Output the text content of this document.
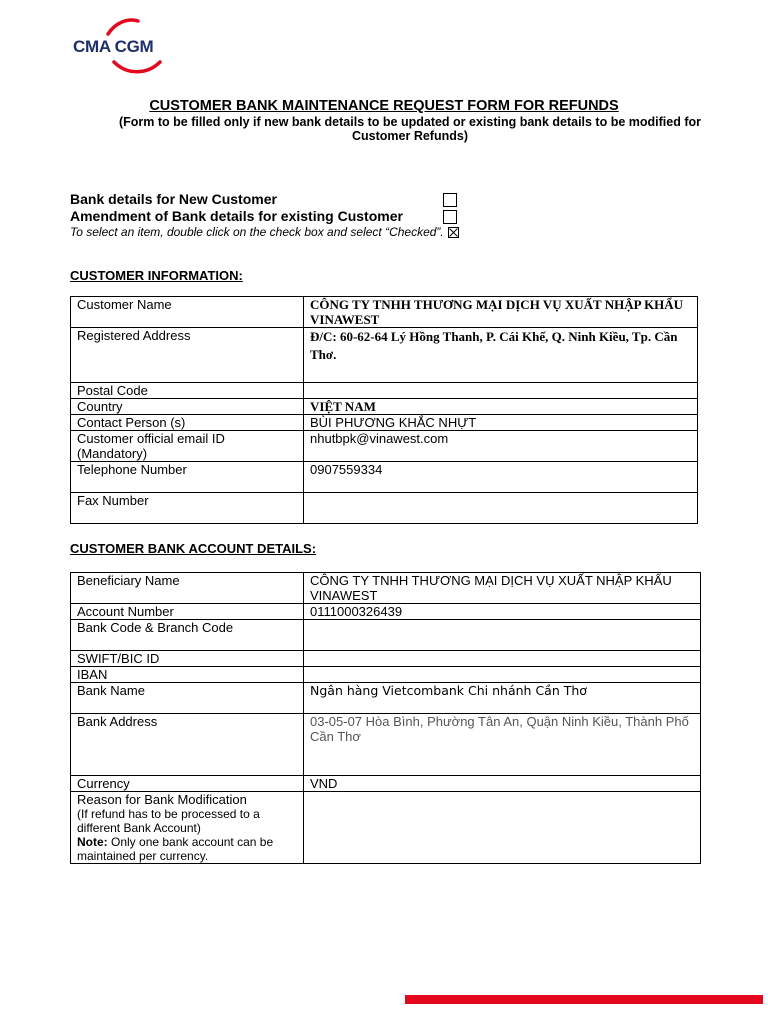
CMA CGM
CUSTOMER BANK MAINTENANCE REQUEST FORM FOR REFUNDS
(Form to be filled only if new bank details to be updated or existing bank details to be modified for Customer Refunds)
Bank details for New Customer
Amendment of Bank details for existing Customer
To select an item, double click on the check box and select “Checked”.
CUSTOMER INFORMATION:
Customer Name	CÔNG TY TNHH THƯƠNG MẠI DỊCH VỤ XUẤT NHẬP KHẨU VINAWEST
Registered Address	Đ/C: 60-62-64 Lý Hồng Thanh, P. Cái Khế, Q. Ninh Kiều, Tp. Cần Thơ.
Postal Code	
Country	VIỆT NAM
Contact Person (s)	BÙI PHƯƠNG KHẮC NHỰT
Customer official email ID (Mandatory)	nhutbpk@vinawest.com
Telephone Number	0907559334
Fax Number	
CUSTOMER BANK ACCOUNT DETAILS:
Beneficiary Name	CÔNG TY TNHH THƯƠNG MẠI DỊCH VỤ XUẤT NHẬP KHẨU VINAWEST
Account Number	0111000326439
Bank Code & Branch Code	
SWIFT/BIC ID	
IBAN	
Bank Name	Ngân hàng Vietcombank Chi nhánh Cần Thơ
Bank Address	03-05-07 Hòa Bình, Phường Tân An, Quận Ninh Kiều, Thành Phố Cần Thơ
Currency	VND

Reason for Bank Modification
(If refund has to be processed to a different Bank Account)
Note: Only one bank account can be maintained per currency.	
